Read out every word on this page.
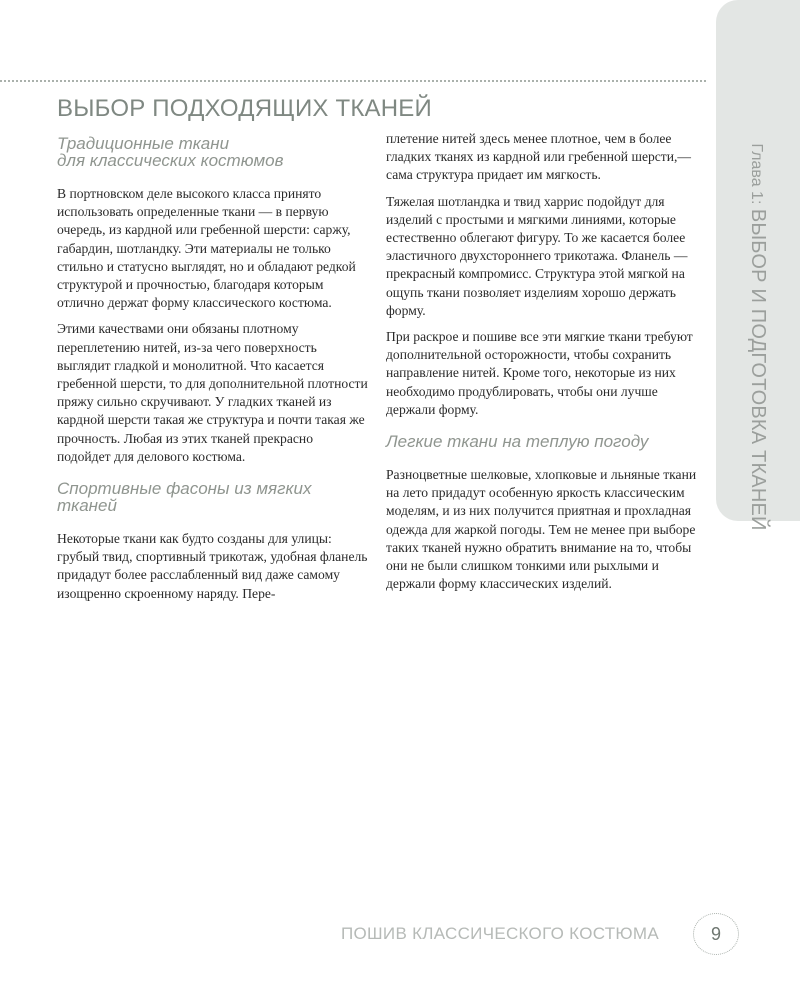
Глава 1: ВЫБОР И ПОДГОТОВКА ТКАНЕЙ
ВЫБОР ПОДХОДЯЩИХ ТКАНЕЙ
Традиционные ткани
для классических костюмов

В портновском деле высокого класса принято использовать определенные ткани — в первую очередь, из кардной или гребенной шерсти: саржу, габардин, шотландку. Эти материалы не только стильно и статусно выглядят, но и обладают редкой структурой и прочностью, благодаря которым отлично держат форму классического костюма.

Этими качествами они обязаны плотному переплетению нитей, из-за чего поверхность выглядит гладкой и монолитной. Что касается гребенной шерсти, то для дополнительной плотности пряжу сильно скручивают. У гладких тканей из кардной шерсти такая же структура и почти такая же прочность. Любая из этих тканей прекрасно подойдет для делового костюма.

Спортивные фасоны из мягких
тканей

Некоторые ткани как будто созданы для улицы: грубый твид, спортивный трикотаж, удобная фланель придадут более расслабленный вид даже самому изощренно скроенному наряду. Пере-

плетение нитей здесь менее плотное, чем в более гладких тканях из кардной или гребенной шерсти,— сама структура придает им мягкость.

Тяжелая шотландка и твид харрис подойдут для изделий с простыми и мягкими линиями, которые естественно облегают фигуру. То же касается более эластичного двухстороннего трикотажа. Фланель — прекрасный компромисс. Структура этой мягкой на ощупь ткани позволяет изделиям хорошо держать форму.

При раскрое и пошиве все эти мягкие ткани требуют дополнительной осторожности, чтобы сохранить направление нитей. Кроме того, некоторые из них необходимо продублировать, чтобы они лучше держали форму.

Легкие ткани на теплую погоду

Разноцветные шелковые, хлопковые и льняные ткани на лето придадут особенную яркость классическим моделям, и из них получится приятная и прохладная одежда для жаркой погоды. Тем не менее при выборе таких тканей нужно обратить внимание на то, чтобы они не были слишком тонкими или рыхлыми и держали форму классических изделий.

ПОШИВ КЛАССИЧЕСКОГО КОСТЮМА	9
